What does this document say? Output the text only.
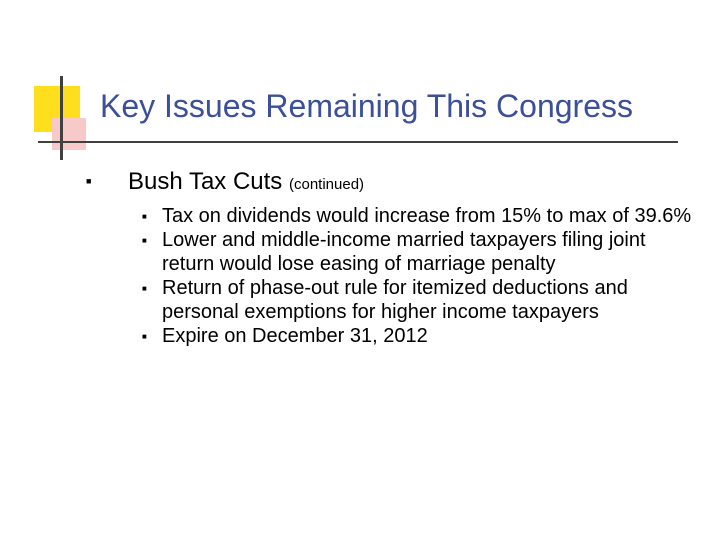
Key Issues Remaining This Congress
■ Bush Tax Cuts (continued)
■ Tax on dividends would increase from 15% to max of 39.6%
■ Lower and middle-income married taxpayers filing joint return would lose easing of marriage penalty
■ Return of phase-out rule for itemized deductions and personal exemptions for higher income taxpayers
■ Expire on December 31, 2012
